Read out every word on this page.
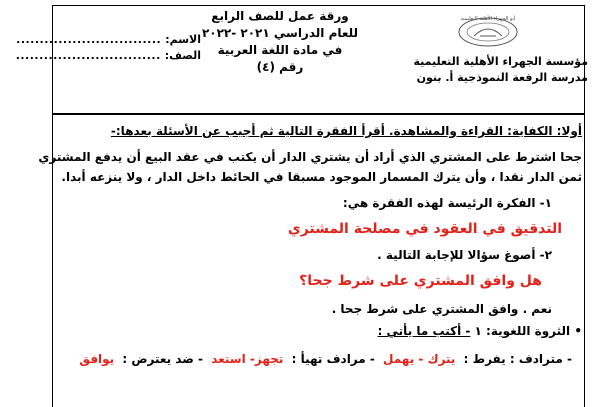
أبو الجهراء الأهلية التعليمية
مؤسسة الجهراء الأهلية التعليمية
مدرسة الرفعة النموذجية أ. بنون
ورقة عمل للصف الرابع
للعام الدراسي ٢٠٢١ -٢٠٢٢
في مادة اللغة العربية
رقم (٤)
الاسم:
...............................
الصف:
...............................
أولا: الكفاية: القراءة والمشاهدة. أقرأ الفقرة التالية ثم أجيب عن الأسئلة بعدها:-
جحا اشترط على المشتري الذي أراد أن يشتري الدار أن يكتب في عقد البيع أن يدفع المشتري
ثمن الدار نقدا ، وأن يترك المسمار الموجود مسبقا في الحائط داخل الدار ، ولا ينزعه أبدا.
١- الفكرة الرئيسة لهذه الفقرة هي:
التدقيق في العقود في مصلحة المشتري
٢- أصوغ سؤالا للإجابة التالية .
هل وافق المشتري على شرط جحا؟
نعم . وافق المشتري على شرط جحا .
• الثروة اللغوية: ١ - أكتب ما يأتي :
- مترادف : يفرط : يترك - يهمل - مرادف تهيأ : تجهز- استعد - ضد يعترض : يوافق
